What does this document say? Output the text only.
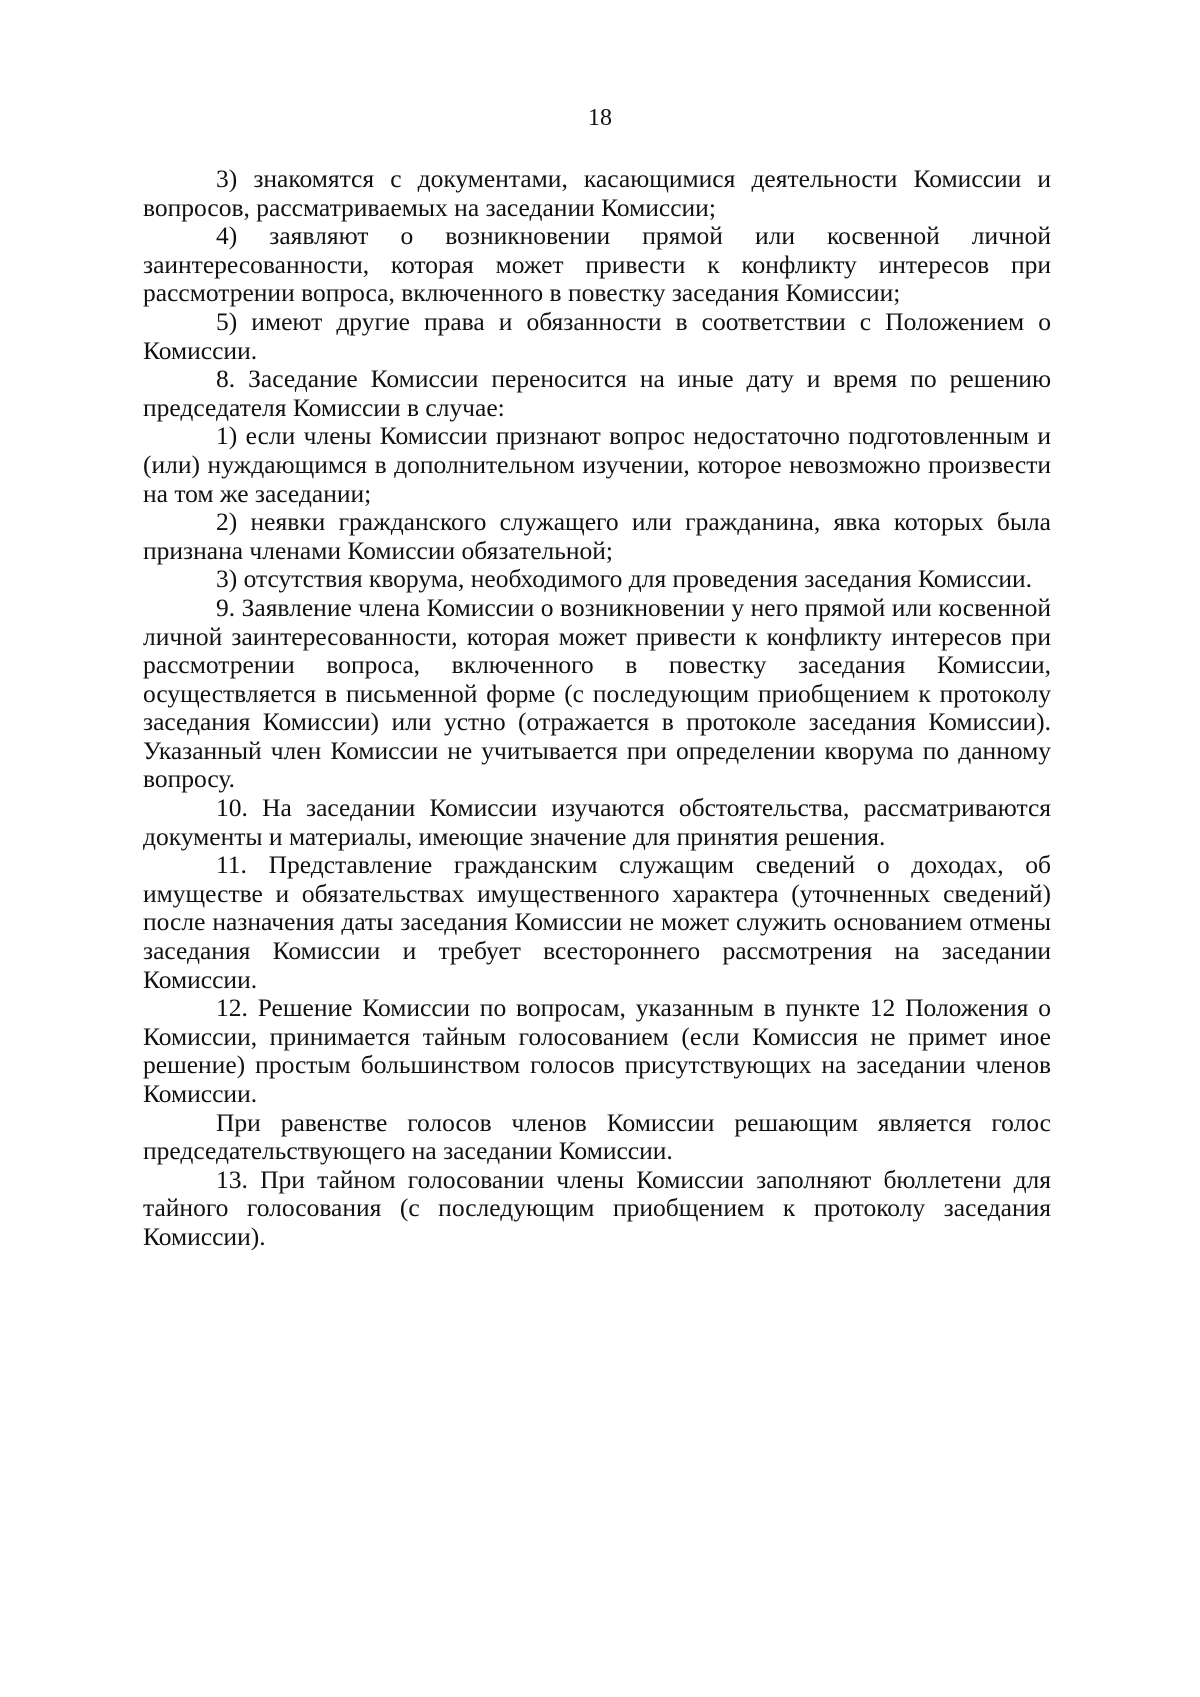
18

3) знакомятся с документами, касающимися деятельности Комиссии и вопросов, рассматриваемых на заседании Комиссии;

4) заявляют о возникновении прямой или косвенной личной заинтересованности, которая может привести к конфликту интересов при рассмотрении вопроса, включенного в повестку заседания Комиссии;

5) имеют другие права и обязанности в соответствии с Положением о Комиссии.

8. Заседание Комиссии переносится на иные дату и время по решению председателя Комиссии в случае:

1) если члены Комиссии признают вопрос недостаточно подготовленным и (или) нуждающимся в дополнительном изучении, которое невозможно произвести на том же заседании;

2) неявки гражданского служащего или гражданина, явка которых была признана членами Комиссии обязательной;

3) отсутствия кворума, необходимого для проведения заседания Комиссии.

9. Заявление члена Комиссии о возникновении у него прямой или косвенной личной заинтересованности, которая может привести к конфликту интересов при рассмотрении вопроса, включенного в повестку заседания Комиссии, осуществляется в письменной форме (с последующим приобщением к протоколу заседания Комиссии) или устно (отражается в протоколе заседания Комиссии). Указанный член Комиссии не учитывается при определении кворума по данному вопросу.

10. На заседании Комиссии изучаются обстоятельства, рассматриваются документы и материалы, имеющие значение для принятия решения.

11. Представление гражданским служащим сведений о доходах, об имуществе и обязательствах имущественного характера (уточненных сведений) после назначения даты заседания Комиссии не может служить основанием отмены заседания Комиссии и требует всестороннего рассмотрения на заседании Комиссии.

12. Решение Комиссии по вопросам, указанным в пункте 12 Положения о Комиссии, принимается тайным голосованием (если Комиссия не примет иное решение) простым большинством голосов присутствующих на заседании членов Комиссии.

При равенстве голосов членов Комиссии решающим является голос председательствующего на заседании Комиссии.

13. При тайном голосовании члены Комиссии заполняют бюллетени для тайного голосования (с последующим приобщением к протоколу заседания Комиссии).
